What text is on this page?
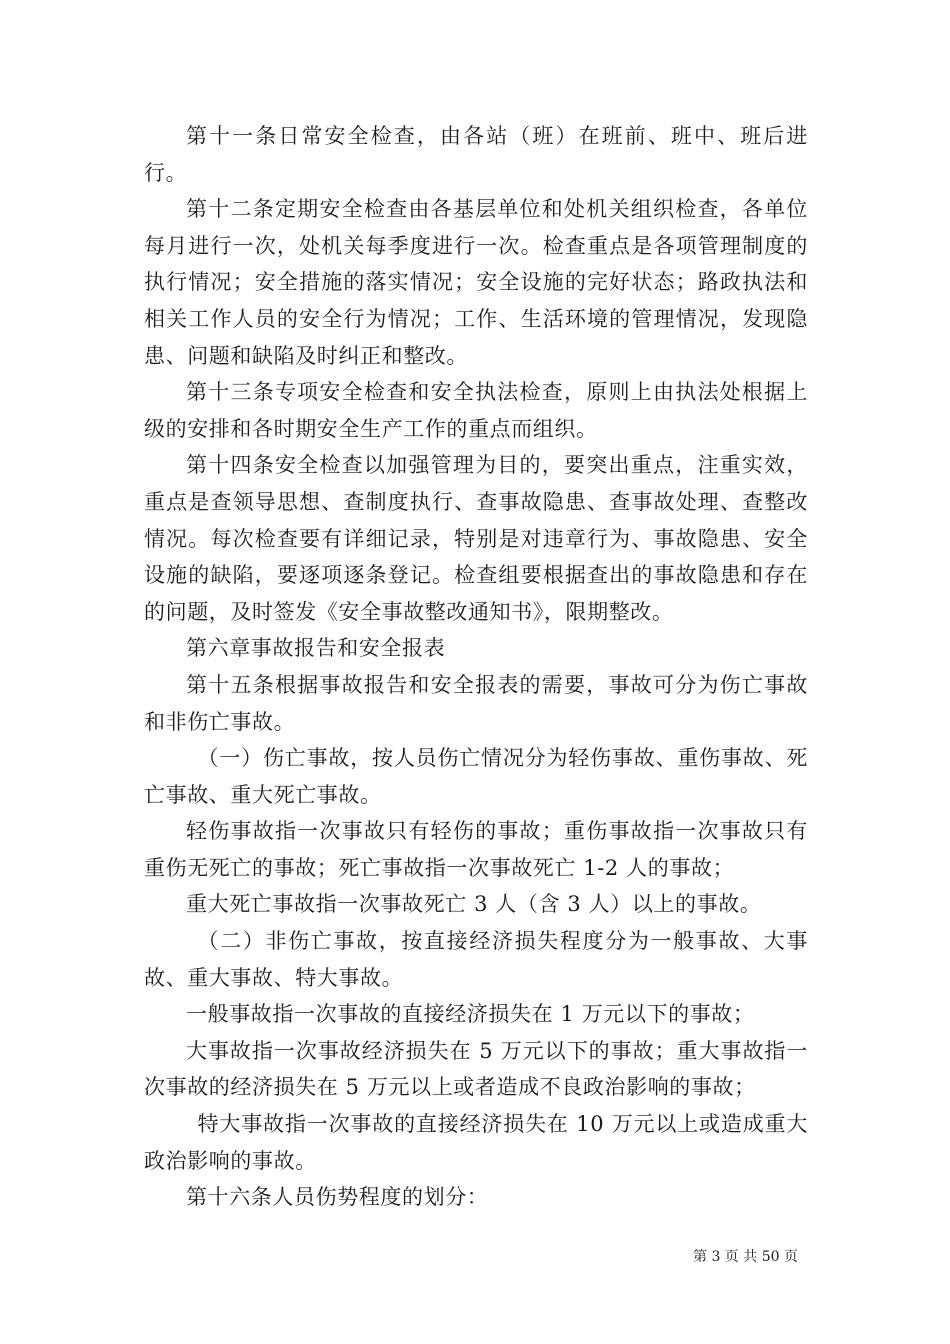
第十一条日常安全检查，由各站（班）在班前、班中、班后进行。

第十二条定期安全检查由各基层单位和处机关组织检查，各单位每月进行一次，处机关每季度进行一次。检查重点是各项管理制度的执行情况；安全措施的落实情况；安全设施的完好状态；路政执法和相关工作人员的安全行为情况；工作、生活环境的管理情况，发现隐患、问题和缺陷及时纠正和整改。

第十三条专项安全检查和安全执法检查，原则上由执法处根据上级的安排和各时期安全生产工作的重点而组织。

第十四条安全检查以加强管理为目的，要突出重点，注重实效，重点是查领导思想、查制度执行、查事故隐患、查事故处理、查整改情况。每次检查要有详细记录，特别是对违章行为、事故隐患、安全设施的缺陷，要逐项逐条登记。检查组要根据查出的事故隐患和存在的问题，及时签发《安全事故整改通知书》，限期整改。

第六章事故报告和安全报表

第十五条根据事故报告和安全报表的需要，事故可分为伤亡事故和非伤亡事故。

（一）伤亡事故，按人员伤亡情况分为轻伤事故、重伤事故、死亡事故、重大死亡事故。

轻伤事故指一次事故只有轻伤的事故；重伤事故指一次事故只有重伤无死亡的事故；死亡事故指一次事故死亡 1-2 人的事故；

重大死亡事故指一次事故死亡 3 人（含 3 人）以上的事故。

（二）非伤亡事故，按直接经济损失程度分为一般事故、大事故、重大事故、特大事故。

一般事故指一次事故的直接经济损失在 1 万元以下的事故；

大事故指一次事故经济损失在 5 万元以下的事故；重大事故指一次事故的经济损失在 5 万元以上或者造成不良政治影响的事故；

特大事故指一次事故的直接经济损失在 10 万元以上或造成重大政治影响的事故。

第十六条人员伤势程度的划分：

第 3 页 共 50 页
